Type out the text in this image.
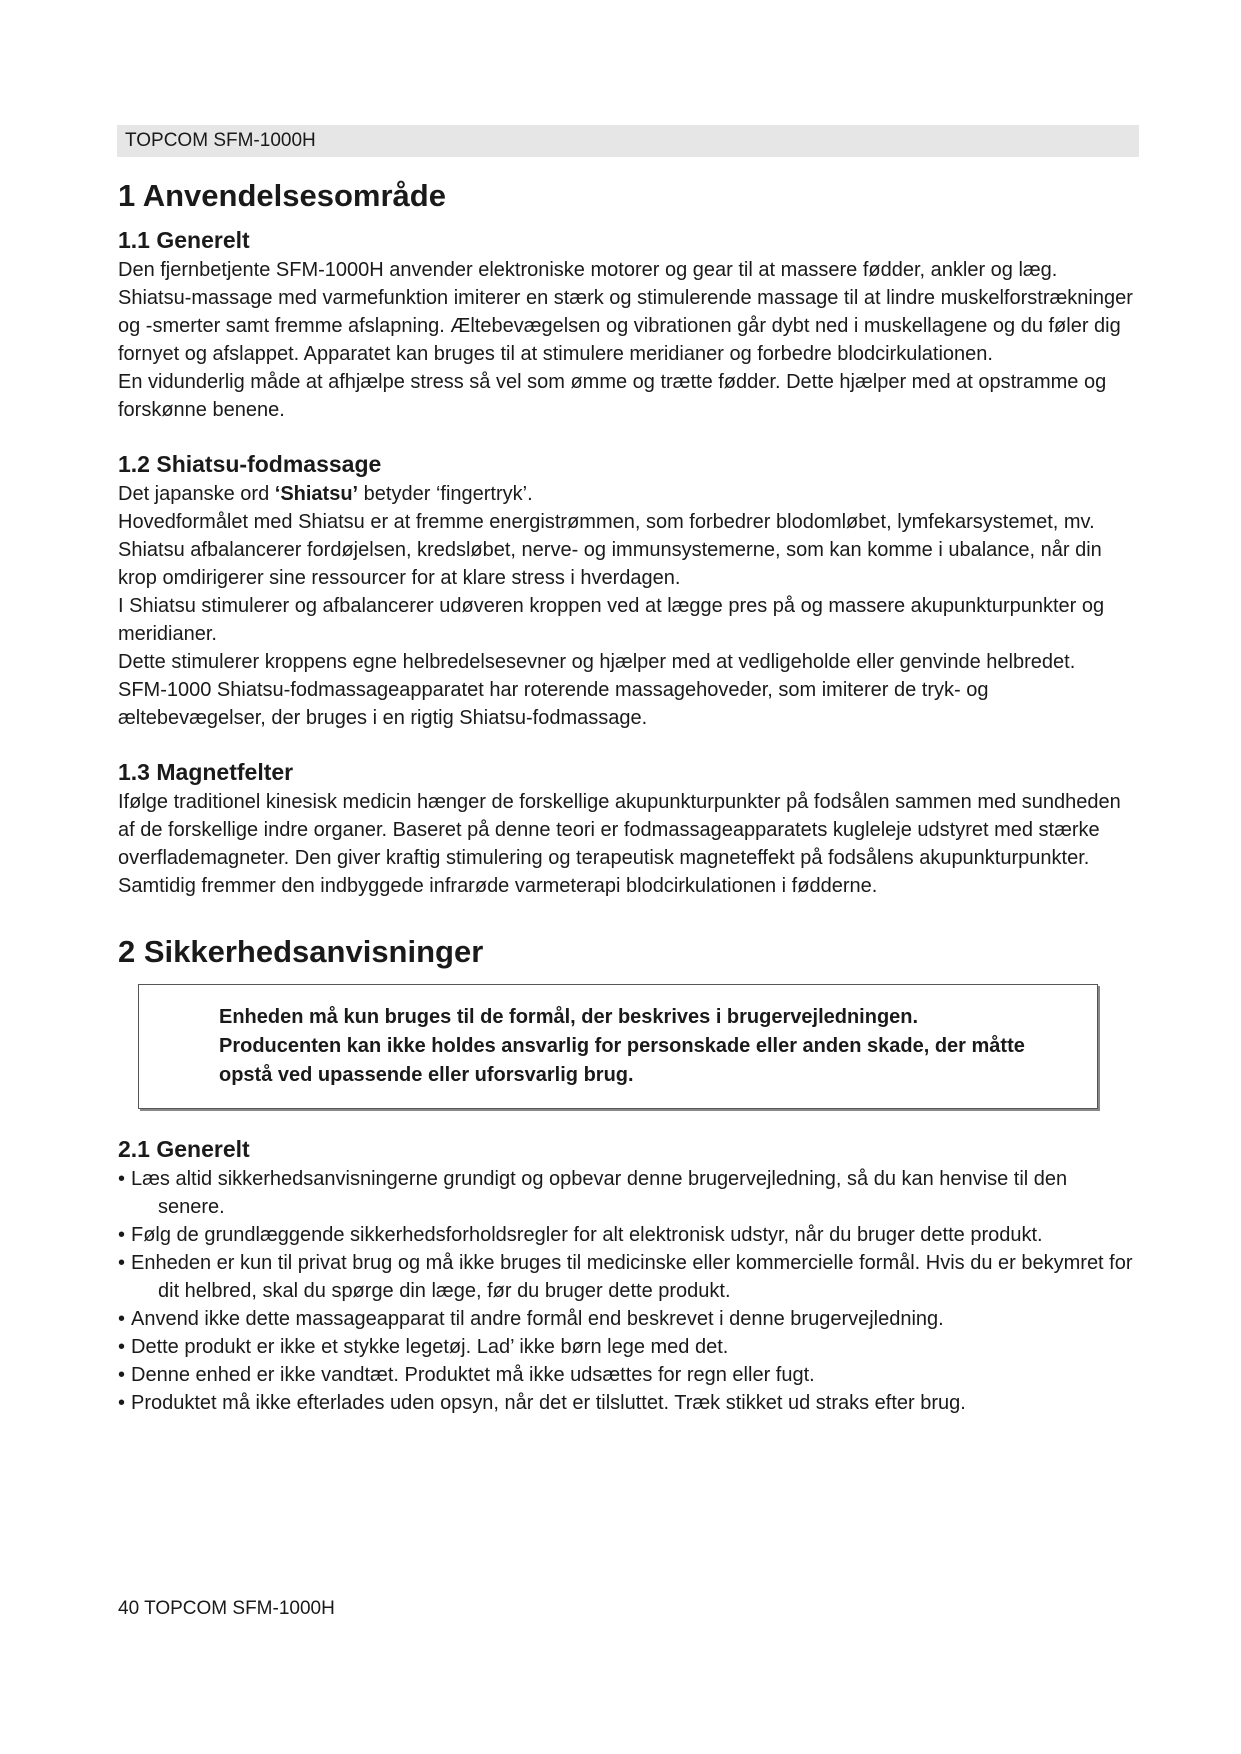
TOPCOM SFM-1000H
1 Anvendelsesområde
1.1 Generelt

Den fjernbetjente SFM-1000H anvender elektroniske motorer og gear til at massere fødder, ankler og læg.

Shiatsu-massage med varmefunktion imiterer en stærk og stimulerende massage til at lindre muskelforstrækninger og -smerter samt fremme afslapning. Æltebevægelsen og vibrationen går dybt ned i muskellagene og du føler dig fornyet og afslappet. Apparatet kan bruges til at stimulere meridianer og forbedre blodcirkulationen.

En vidunderlig måde at afhjælpe stress så vel som ømme og trætte fødder. Dette hjælper med at opstramme og forskønne benene.

1.2 Shiatsu-fodmassage

Det japanske ord ‘Shiatsu’ betyder ‘fingertryk’.

Hovedformålet med Shiatsu er at fremme energistrømmen, som forbedrer blodomløbet, lymfekarsystemet, mv. Shiatsu afbalancerer fordøjelsen, kredsløbet, nerve- og immunsystemerne, som kan komme i ubalance, når din krop omdirigerer sine ressourcer for at klare stress i hverdagen.

I Shiatsu stimulerer og afbalancerer udøveren kroppen ved at lægge pres på og massere akupunkturpunkter og meridianer.

Dette stimulerer kroppens egne helbredelsesevner og hjælper med at vedligeholde eller genvinde helbredet.

SFM-1000 Shiatsu-fodmassageapparatet har roterende massagehoveder, som imiterer de tryk- og æltebevægelser, der bruges i en rigtig Shiatsu-fodmassage.

1.3 Magnetfelter

Ifølge traditionel kinesisk medicin hænger de forskellige akupunkturpunkter på fodsålen sammen med sundheden af de forskellige indre organer. Baseret på denne teori er fodmassageapparatets kugleleje udstyret med stærke overflademagneter. Den giver kraftig stimulering og terapeutisk magneteffekt på fodsålens akupunkturpunkter. Samtidig fremmer den indbyggede infrarøde varmeterapi blodcirkulationen i fødderne.

2 Sikkerhedsanvisninger

Enheden må kun bruges til de formål, der beskrives i brugervejledningen.

Producenten kan ikke holdes ansvarlig for personskade eller anden skade, der måtte opstå ved upassende eller uforsvarlig brug.

2.1 Generelt
• Læs altid sikkerhedsanvisningerne grundigt og opbevar denne brugervejledning, så du kan henvise til den senere.
• Følg de grundlæggende sikkerhedsforholdsregler for alt elektronisk udstyr, når du bruger dette produkt.
• Enheden er kun til privat brug og må ikke bruges til medicinske eller kommercielle formål. Hvis du er bekymret for dit helbred, skal du spørge din læge, før du bruger dette produkt.
• Anvend ikke dette massageapparat til andre formål end beskrevet i denne brugervejledning.
• Dette produkt er ikke et stykke legetøj. Lad’ ikke børn lege med det.
• Denne enhed er ikke vandtæt. Produktet må ikke udsættes for regn eller fugt.
• Produktet må ikke efterlades uden opsyn, når det er tilsluttet. Træk stikket ud straks efter brug.
40 TOPCOM SFM-1000H
